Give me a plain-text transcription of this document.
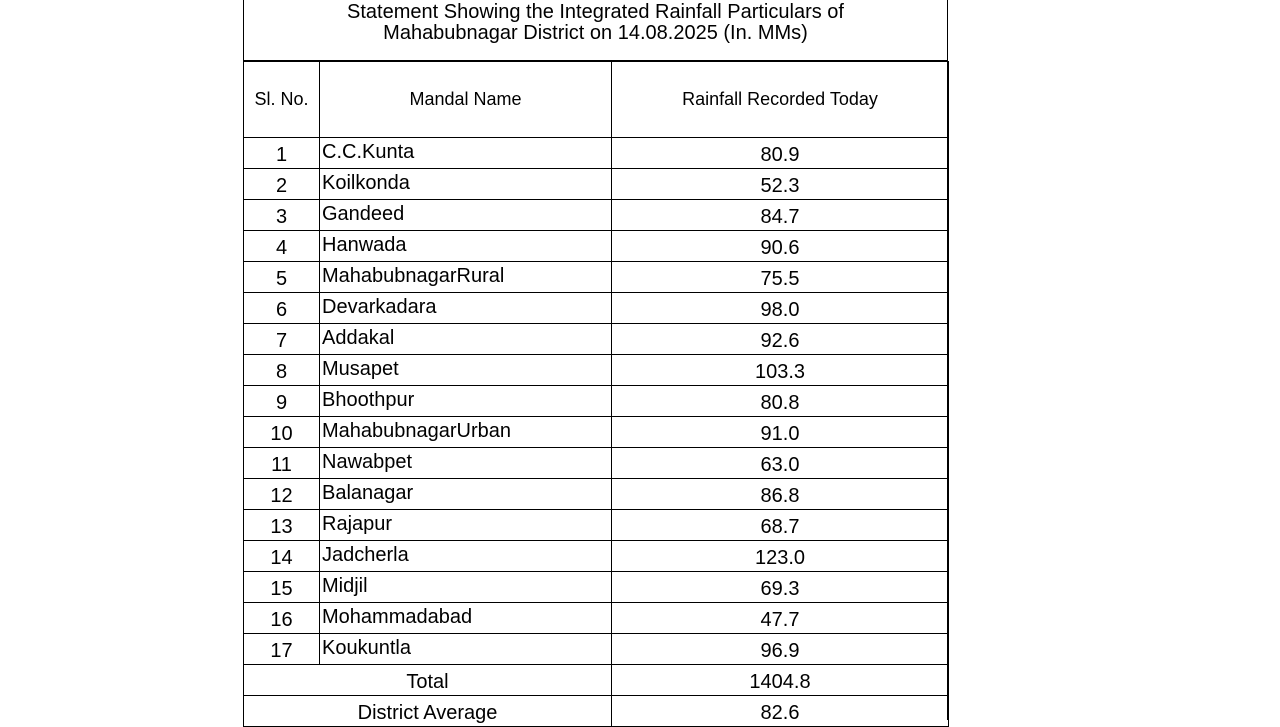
Statement Showing the Integrated Rainfall Particulars of
Mahabubnagar District on 14.08.2025 (In. MMs)
Sl. No.	Mandal Name	Rainfall Recorded Today
1	C.C.Kunta	80.9
2	Koilkonda	52.3
3	Gandeed	84.7
4	Hanwada	90.6
5	MahabubnagarRural	75.5
6	Devarkadara	98.0
7	Addakal	92.6
8	Musapet	103.3
9	Bhoothpur	80.8
10	MahabubnagarUrban	91.0
11	Nawabpet	63.0
12	Balanagar	86.8
13	Rajapur	68.7
14	Jadcherla	123.0
15	Midjil	69.3
16	Mohammadabad	47.7
17	Koukuntla	96.9
Total		1404.8
District Average		82.6
